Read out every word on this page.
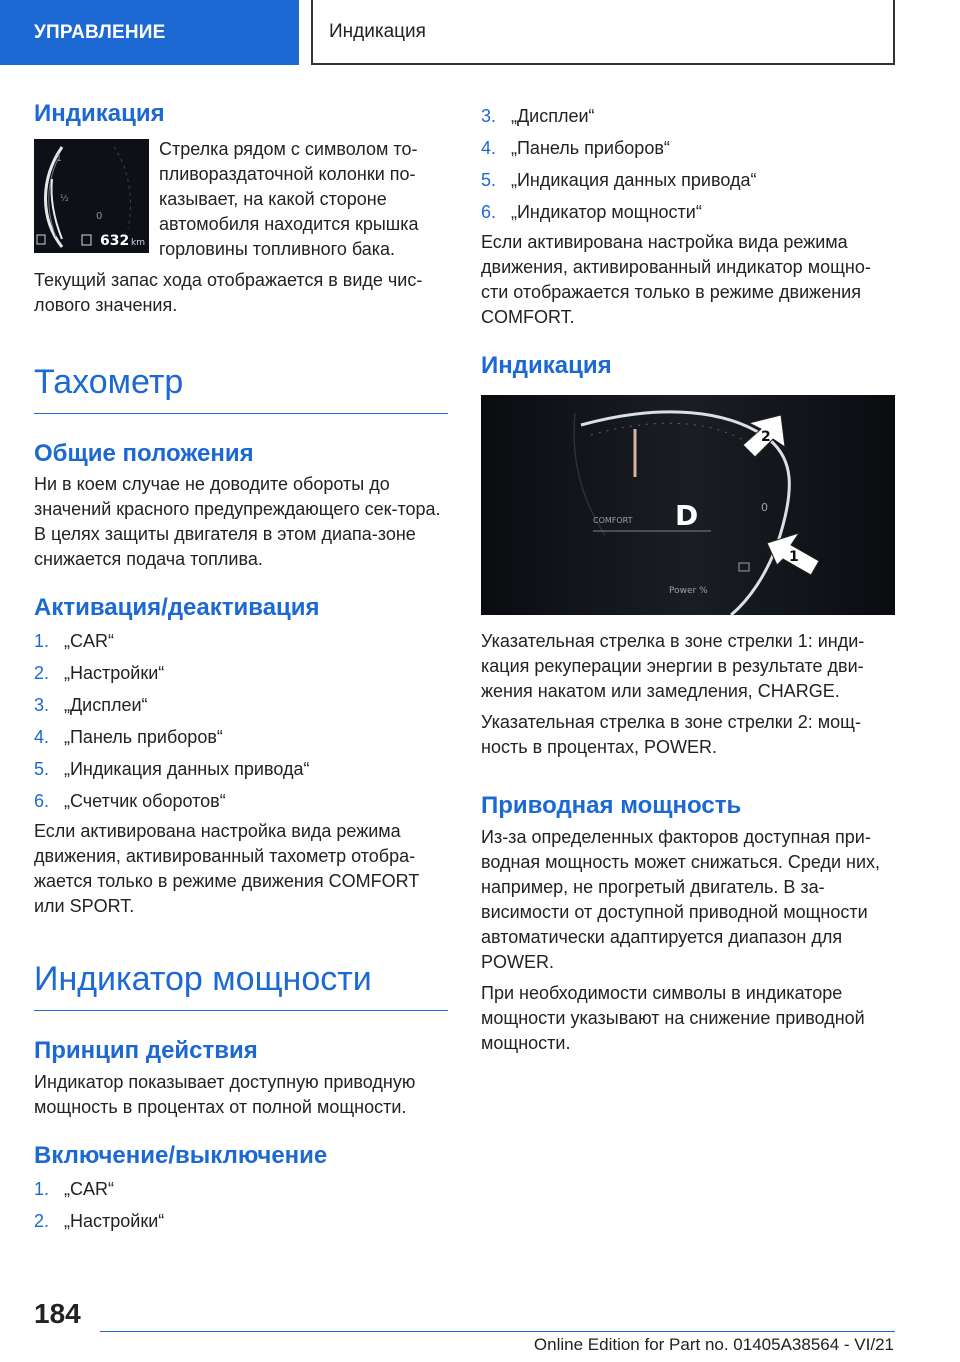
УПРАВЛЕНИЕ	Индикация
Индикация
1
½
0
632 km

Стрелка рядом с символом то-пливораздаточной колонки по-казывает, на какой стороне автомобиля находится крышка горловины топливного бака.

Текущий запас хода отображается в виде чис-лового значения.

Тахометр
Общие положения

Ни в коем случае не доводите обороты до значений красного предупреждающего сек-тора. В целях защиты двигателя в этом диапа-зоне снижается подача топлива.

Активация/деактивация
1. „CAR“
2. „Настройки“
3. „Дисплеи“
4. „Панель приборов“
5. „Индикация данных привода“
6. „Счетчик оборотов“

Если активирована настройка вида режима движения, активированный тахометр отобра-жается только в режиме движения COMFORT или SPORT.

Индикатор мощности
Принцип действия

Индикатор показывает доступную приводную мощность в процентах от полной мощности.

Включение/выключение
1. „CAR“
2. „Настройки“
3. „Дисплеи“
4. „Панель приборов“
5. „Индикация данных привода“
6. „Индикатор мощности“

Если активирована настройка вида режима движения, активированный индикатор мощно-сти отображается только в режиме движения COMFORT.

Индикация
COMFORT D	0
Power %
2
1

Указательная стрелка в зоне стрелки 1: инди-кация рекуперации энергии в результате дви-жения накатом или замедления, CHARGE.

Указательная стрелка в зоне стрелки 2: мощ-ность в процентах, POWER.

Приводная мощность

Из-за определенных факторов доступная при-водная мощность может снижаться. Среди них, например, не прогретый двигатель. В за-висимости от доступной приводной мощности автоматически адаптируется диапазон для POWER.

При необходимости символы в индикаторе мощности указывают на снижение приводной мощности.

184
Online Edition for Part no. 01405A38564 - VI/21
